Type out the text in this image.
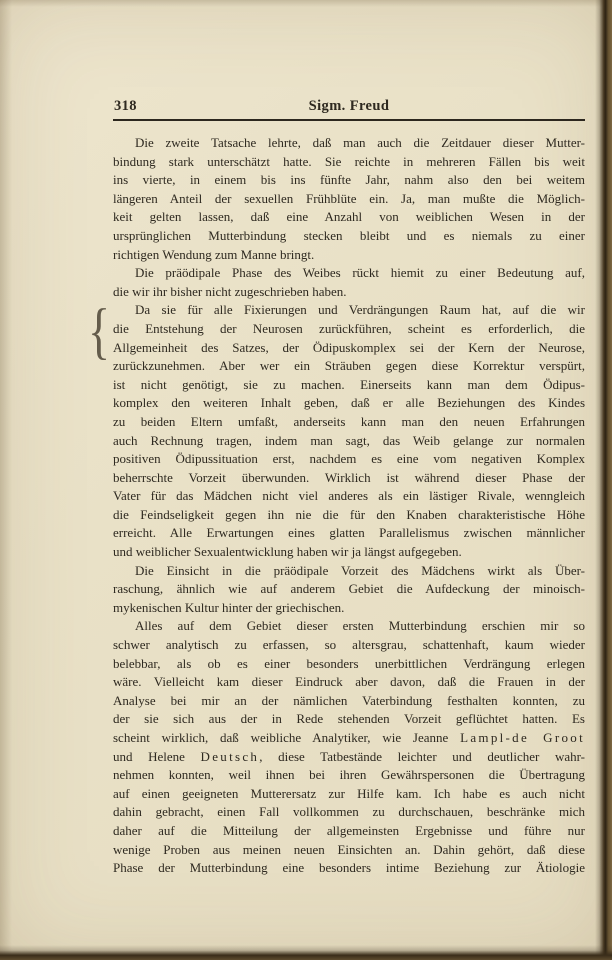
318	Sigm. Freud

Die zweite Tatsache lehrte, daß man auch die Zeitdauer dieser Mutter-
bindung stark unterschätzt hatte. Sie reichte in mehreren Fällen bis weit
ins vierte, in einem bis ins fünfte Jahr, nahm also den bei weitem
längeren Anteil der sexuellen Frühblüte ein. Ja, man mußte die Möglich-
keit gelten lassen, daß eine Anzahl von weiblichen Wesen in der
ursprünglichen Mutterbindung stecken bleibt und es niemals zu einer
richtigen Wendung zum Manne bringt.

Die präödipale Phase des Weibes rückt hiemit zu einer Bedeutung auf,
die wir ihr bisher nicht zugeschrieben haben.

Da sie für alle Fixierungen und Verdrängungen Raum hat, auf die wir
die Entstehung der Neurosen zurückführen, scheint es erforderlich, die
Allgemeinheit des Satzes, der Ödipuskomplex sei der Kern der Neurose,
zurückzunehmen. Aber wer ein Sträuben gegen diese Korrektur verspürt,
ist nicht genötigt, sie zu machen. Einerseits kann man dem Ödipus-
komplex den weiteren Inhalt geben, daß er alle Beziehungen des Kindes
zu beiden Eltern umfaßt, anderseits kann man den neuen Erfahrungen
auch Rechnung tragen, indem man sagt, das Weib gelange zur normalen
positiven Ödipussituation erst, nachdem es eine vom negativen Komplex
beherrschte Vorzeit überwunden. Wirklich ist während dieser Phase der
Vater für das Mädchen nicht viel anderes als ein lästiger Rivale, wenngleich
die Feindseligkeit gegen ihn nie die für den Knaben charakteristische Höhe
erreicht. Alle Erwartungen eines glatten Parallelismus zwischen männlicher
und weiblicher Sexualentwicklung haben wir ja längst aufgegeben.

Die Einsicht in die präödipale Vorzeit des Mädchens wirkt als Über-
raschung, ähnlich wie auf anderem Gebiet die Aufdeckung der minoisch-
mykenischen Kultur hinter der griechischen.

Alles auf dem Gebiet dieser ersten Mutterbindung erschien mir so
schwer analytisch zu erfassen, so altersgrau, schattenhaft, kaum wieder
belebbar, als ob es einer besonders unerbittlichen Verdrängung erlegen
wäre. Vielleicht kam dieser Eindruck aber davon, daß die Frauen in der
Analyse bei mir an der nämlichen Vaterbindung festhalten konnten, zu
der sie sich aus der in Rede stehenden Vorzeit geflüchtet hatten. Es
scheint wirklich, daß weibliche Analytiker, wie Jeanne Lampl-de Groot
und Helene Deutsch, diese Tatbestände leichter und deutlicher wahr-
nehmen konnten, weil ihnen bei ihren Gewährspersonen die Übertragung
auf einen geeigneten Mutterersatz zur Hilfe kam. Ich habe es auch nicht
dahin gebracht, einen Fall vollkommen zu durchschauen, beschränke mich
daher auf die Mitteilung der allgemeinsten Ergebnisse und führe nur
wenige Proben aus meinen neuen Einsichten an. Dahin gehört, daß diese
Phase der Mutterbindung eine besonders intime Beziehung zur Ätiologie

{
